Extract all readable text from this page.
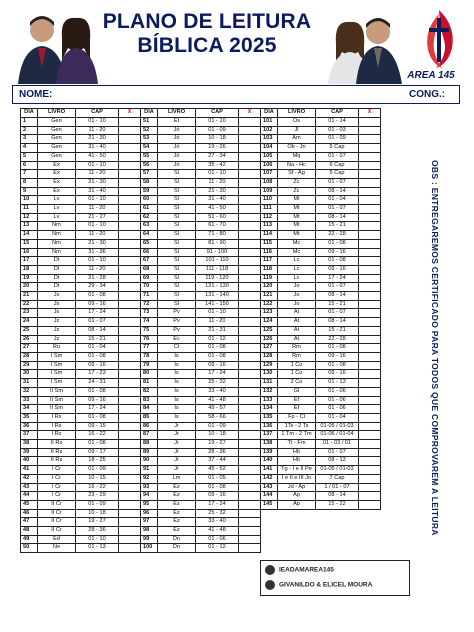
PLANO DE LEITURA
BÍBLICA 2025
AREA 145
NOME:	CONG.:
DIA	LIVRO	CAP	X
1	Gen	01 - 10	
2	Gen	11 - 20	
3	Gen	21 - 30	
4	Gen	31 - 40	
5	Gen	41 - 50	
6	Ex	01 - 10	
7	Ex	11 - 20	
8	Ex	21 - 30	
9	Ex	31 - 40	
10	Lv	01 - 10	
11	Lv	11 - 20	
12	Lv	21 - 27	
13	Nm	01 - 10	
14	Nm	11 - 20	
15	Nm	21 - 30	
16	Nm	31 - 36	
17	Dt	01 - 10	
18	Dt	11 - 20	
19	Dt	21 - 28	
20	Dt	29 - 34	
21	Js	01 - 08	
22	Js	09 - 16	
23	Js	17 - 24	
24	Jz	01 - 07	
25	Jz	08 - 14	
26	Jz	15 - 21	
27	Ru	01 - 04	
28	I Sm	01 - 08	
29	I Sm	09 - 16	
30	I Sm	17 - 23	
31	I Sm	24 - 31	
32	II Sm	01 - 08	
33	II Sm	09 - 16	
34	II Sm	17 - 24	
35	I Rs	01 - 08	
36	I Rs	09 - 15	
37	I Rs	16 - 22	
38	II Rs	01 - 08	
39	II Rs	09 - 17	
40	II Rs	18 - 25	
41	I Cr	01 - 09	
42	I Cr	10 - 15	
43	I Cr	16 - 22	
44	I Cr	23 - 29	
45	II Cr	01 - 09	
46	II Cr	10 - 18	
47	II Cr	19 - 27	
48	II Cr	28 - 36	
49	Ed	01 - 10	
50	Ne	01 - 13	
DIA	LIVRO	CAP	X
51	Et	01 - 10	
52	Jó	01 - 09	
53	Jó	10 - 18	
54	Jó	19 - 26	
55	Jó	27 - 34	
56	Jó	35 - 42	
57	Sl	01 - 10	
58	Sl	11 - 20	
59	Sl	21 - 30	
60	Sl	31 - 40	
61	Sl	41 - 50	
62	Sl	51 - 60	
63	Sl	61 - 70	
64	Sl	71 - 80	
65	Sl	81 - 90	
66	Sl	91 - 100	
67	Sl	101 - 110	
68	Sl	111 - 118	
69	Sl	119 - 120	
70	Sl	121 - 130	
71	Sl	131 - 140	
72	Sl	141 - 150	
73	Pv	01 - 10	
74	Pv	11 - 20	
75	Pv	21 - 31	
76	Ec	01 - 12	
77	Ct	01 - 08	
78	Is	01 - 08	
79	Is	09 - 16	
80	Is	17 - 24	
81	Is	25 - 32	
82	Is	33 - 40	
83	Is	41 - 48	
84	Is	49 - 57	
85	Is	58 - 66	
86	Jr	01 - 09	
87	Jr	10 - 18	
88	Jr	19 - 27	
89	Jr	28 - 36	
90	Jr	37 - 44	
91	Jr	45 - 52	
92	Lm	01 - 05	
93	Ez	01 - 08	
94	Ez	09 - 16	
95	Ez	17 - 24	
96	Ez	25 - 32	
97	Ez	33 - 40	
98	Ez	41 - 48	
99	Dn	01 - 06	
100	Dn	01 - 12	
DIA	LIVRO	CAP	X
101	Os	01 - 14	
102	Jl	01 - 03	
103	Am	01 - 09	
104	Ob - Jn	5 Cap	
105	Mq	01 - 07	
106	Na - Hc	6 Cap	
107	Sf - Ag	5 Cap	
108	Zc	01 - 07	
109	Zc	08 - 14	
110	Ml	01 - 04	
111	Mt	01 - 07	
112	Mt	08 - 14	
113	Mt	15 - 21	
114	Mt	22 - 28	
115	Mc	01 - 08	
116	Mc	09 - 16	
117	Lc	01 - 08	
118	Lc	09 - 16	
119	Lc	17 - 24	
120	Jo	01 - 07	
121	Jo	08 - 14	
122	Jo	15 - 21	
123	At	01 - 07	
124	At	08 - 14	
125	At	15 - 21	
126	At	22 - 28	
127	Rm	01 - 08	
128	Rm	09 - 16	
129	1 Co	01 - 08	
130	1 Co	09 - 16	
131	2 Co	01 - 13	
132	Gl	01 - 06	
133	Ef	01 - 06	
134	Ef	01 - 06	
135	Fp - Cl	01 - 04	
136	1Ts - 2 Ts	01-05 / 01-03	
137	1 Tm - 2 Tm	01-06 / 01-04	
138	Tt - Fm	01 - 03 / 01	
139	Hb	01 - 07	
140	Hb	08 - 13	
141	Tg - I e II Pe	01-05 / 01-03	
142	I e II e III Jo	7 Cap	
143	Jd - Ap	1 / 01 - 07	
144	Ap	08 - 14	
145	Ap	15 - 22	
IEADAMAREA145
GIVANILDO & ELICEL MOURA
OBS : ENTREGAREMOS CERTIFICADO PARA TODOS QUE COMPROVAREM A LEITURA
